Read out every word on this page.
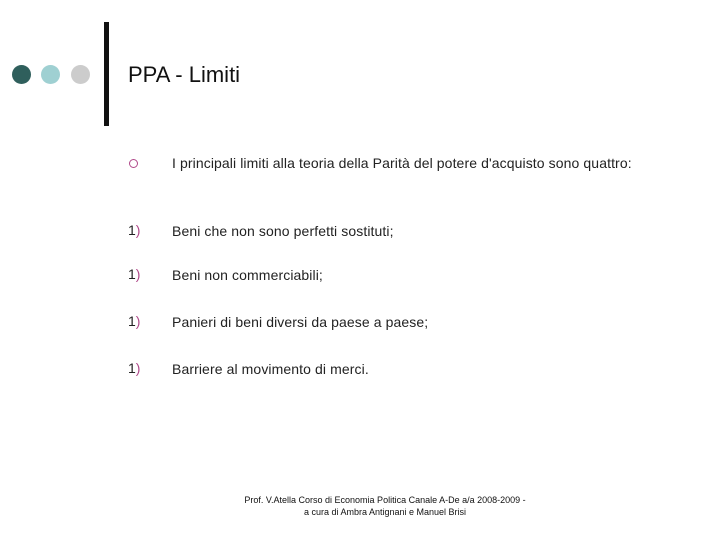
PPA - Limiti
I principali limiti alla teoria della Parità del potere d'acquisto sono quattro:
1) Beni che non sono perfetti sostituti;
1) Beni non commerciabili;
1) Panieri di beni diversi da paese a paese;
1) Barriere al movimento di merci.
Prof. V.Atella Corso di Economia Politica Canale A-De a/a 2008-2009 -
a cura di Ambra Antignani e Manuel Brisi
